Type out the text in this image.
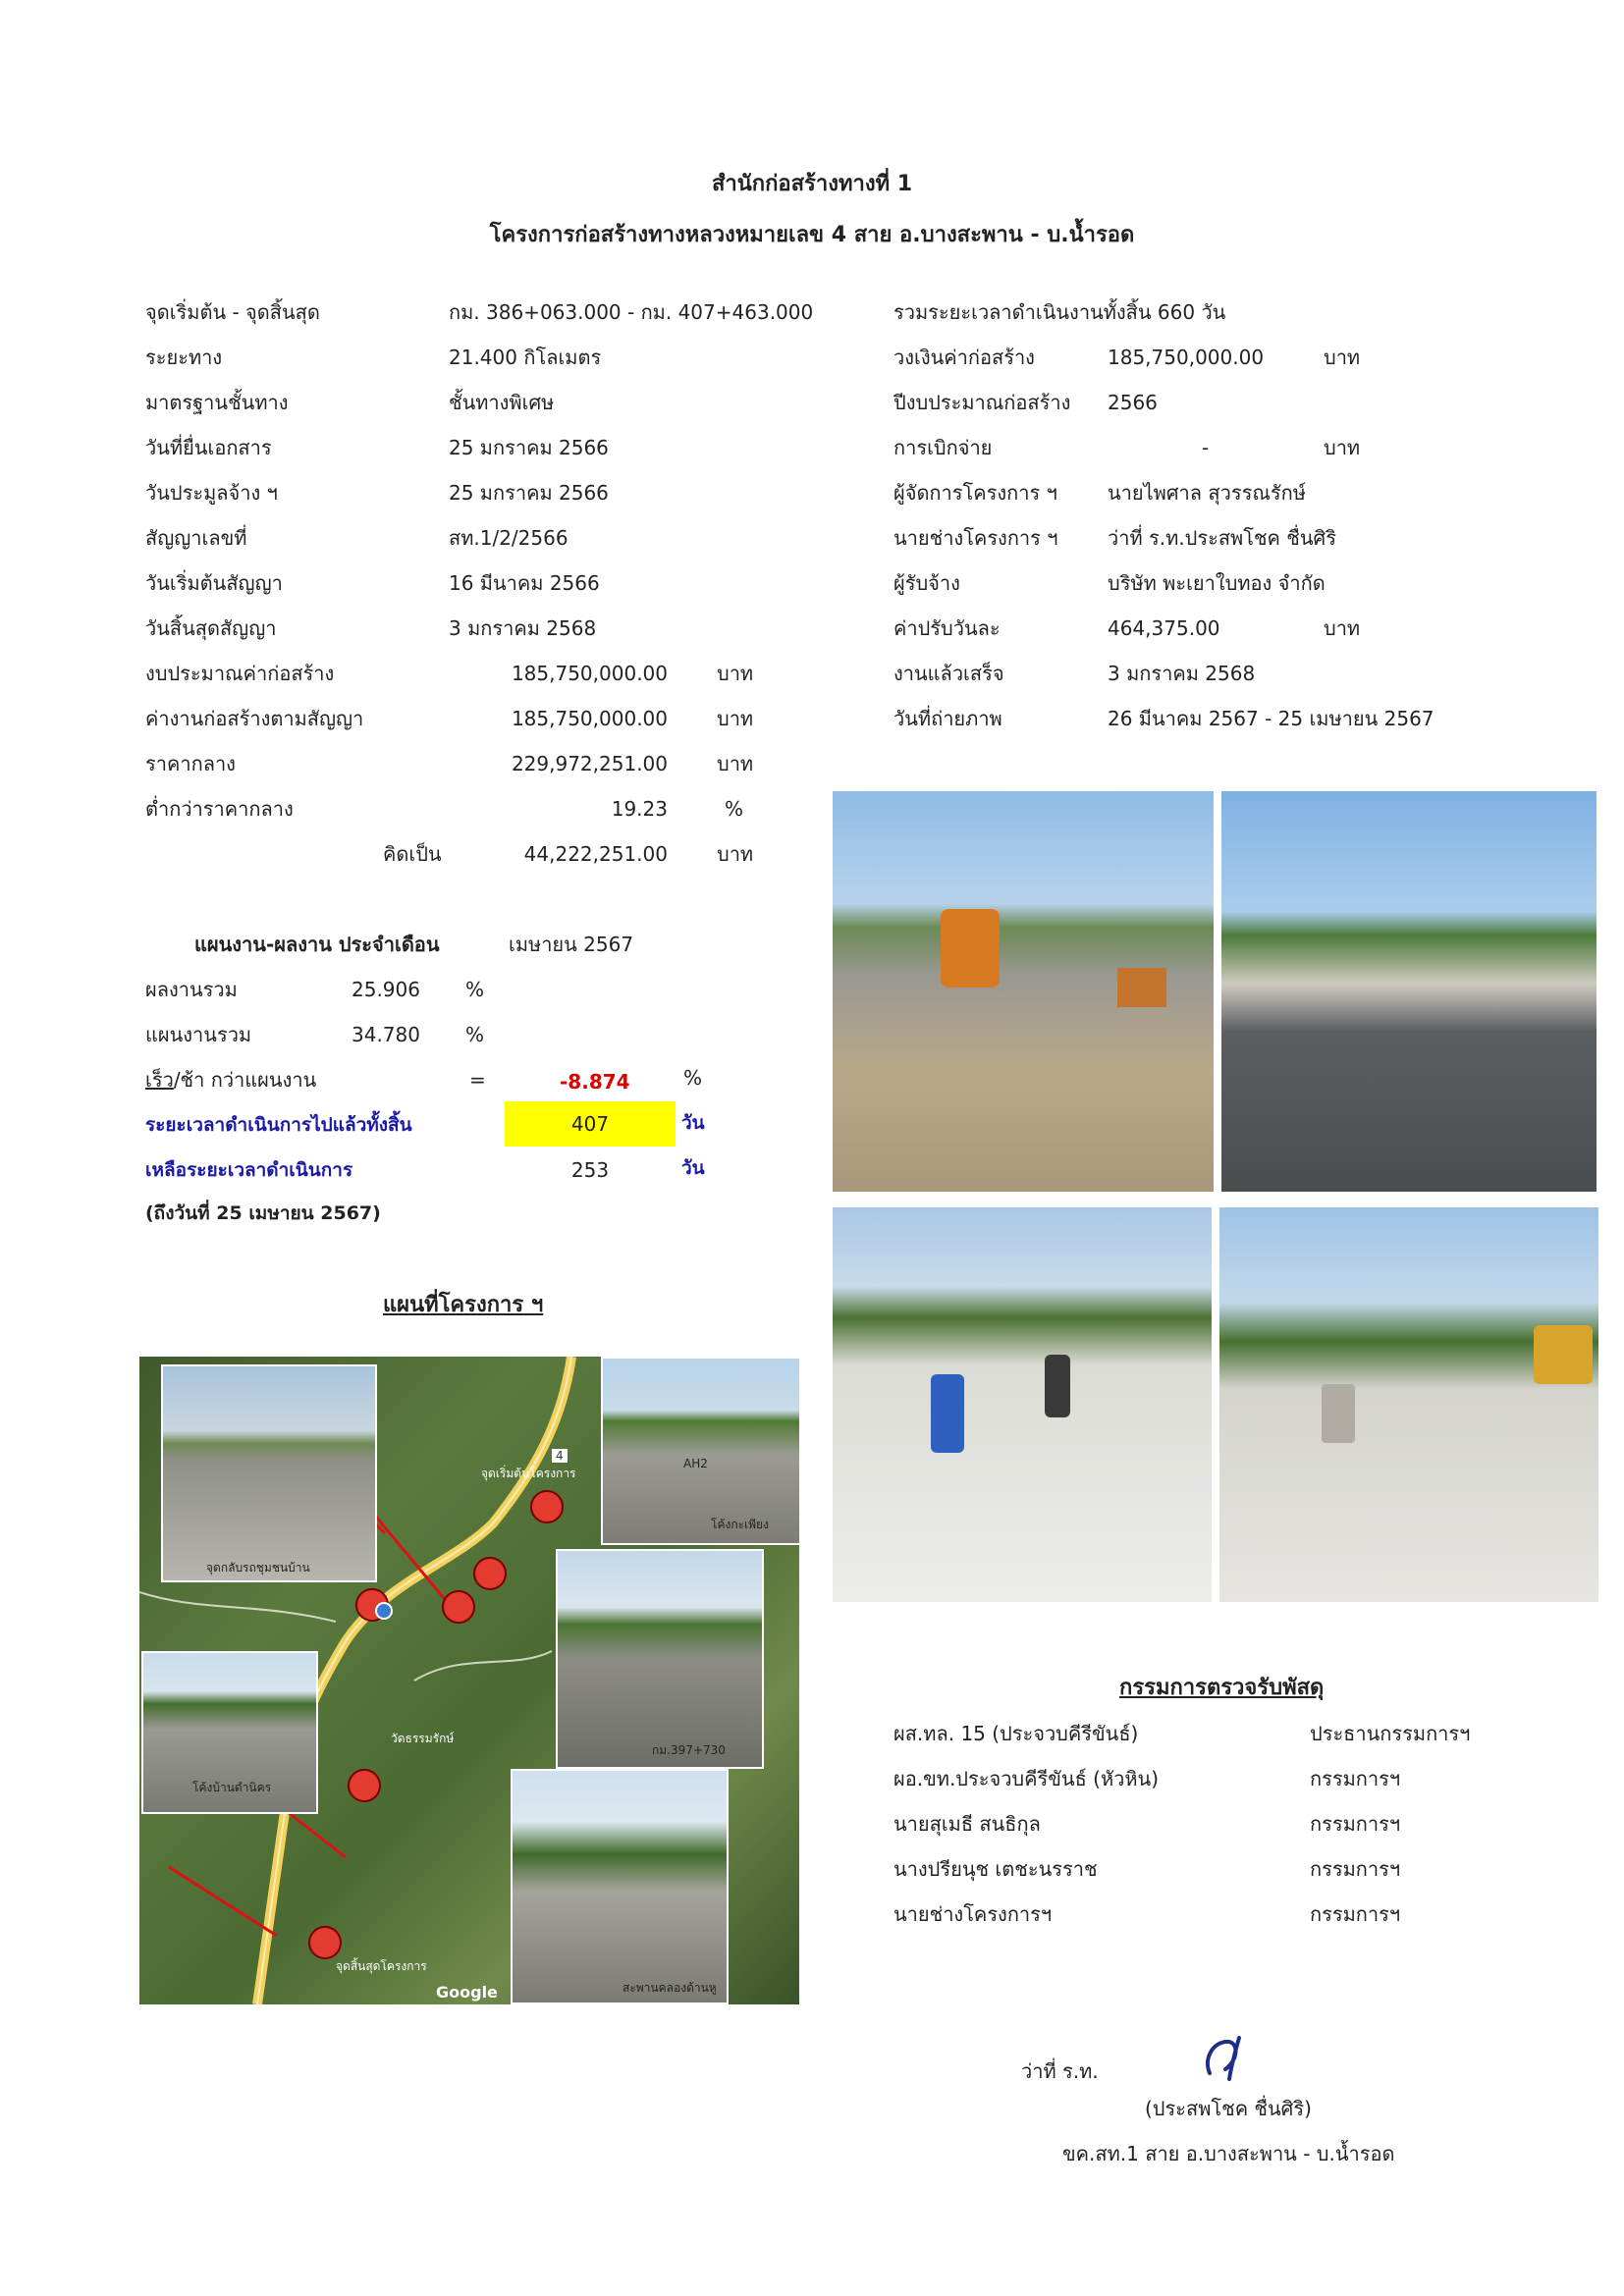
สำนักก่อสร้างทางที่ 1
โครงการก่อสร้างทางหลวงหมายเลข 4 สาย อ.บางสะพาน - บ.น้ำรอด
จุดเริ่มต้น - จุดสิ้นสุด	กม. 386+063.000 - กม. 407+463.000
ระยะทาง	21.400 กิโลเมตร
มาตรฐานชั้นทาง	ชั้นทางพิเศษ
วันที่ยื่นเอกสาร	25 มกราคม 2566
วันประมูลจ้าง ฯ	25 มกราคม 2566
สัญญาเลขที่	สท.1/2/2566
วันเริ่มต้นสัญญา	16 มีนาคม 2566
วันสิ้นสุดสัญญา	3 มกราคม 2568
งบประมาณค่าก่อสร้าง	185,750,000.00	บาท
ค่างานก่อสร้างตามสัญญา	185,750,000.00	บาท
ราคากลาง	229,972,251.00	บาท
ต่ำกว่าราคากลาง	19.23	%
คิดเป็น	44,222,251.00	บาท
รวมระยะเวลาดำเนินงานทั้งสิ้น 660 วัน
วงเงินค่าก่อสร้าง	185,750,000.00	บาท
ปีงบประมาณก่อสร้าง 2566
การเบิกจ่าย	-	บาท
ผู้จัดการโครงการ ฯ	นายไพศาล สุวรรณรักษ์
นายช่างโครงการ ฯ	ว่าที่ ร.ท.ประสพโชค ชื่นศิริ
ผู้รับจ้าง	บริษัท พะเยาใบทอง จำกัด
ค่าปรับวันละ	464,375.00	บาท
งานแล้วเสร็จ	3 มกราคม 2568
วันที่ถ่ายภาพ	26 มีนาคม 2567 - 25 เมษายน 2567
แผนงาน-ผลงาน ประจำเดือน	เมษายน 2567
ผลงานรวม	25.906 %
แผนงานรวม	34.780 %
เร็ว/ช้า กว่าแผนงาน	=	-8.874	%
ระยะเวลาดำเนินการไปแล้วทั้งสิ้น	407	วัน
เหลือระยะเวลาดำเนินการ	253	วัน
(ถึงวันที่ 25 เมษายน 2567)
แผนที่โครงการ ฯ
จุดเริ่มต้นโครงการ
จุดสิ้นสุดโครงการ
วัดธรรมรักษ์
4
Google
จุดกลับรถชุมชนบ้าน
โค้งกะเพียง
AH2
กม.397+730
โค้งบ้านดำนิคร
สะพานคลองด้านหู
กรรมการตรวจรับพัสดุ
ผส.ทล. 15 (ประจวบคีรีขันธ์)	ประธานกรรมการฯ
ผอ.ขท.ประจวบคีรีขันธ์ (หัวหิน)	กรรมการฯ
นายสุเมธี สนธิกุล	กรรมการฯ
นางปรียนุช เตชะนรราช	กรรมการฯ
นายช่างโครงการฯ	กรรมการฯ
ว่าที่ ร.ท.
(ประสพโชค ชื่นศิริ)
ขค.สท.1 สาย อ.บางสะพาน - บ.น้ำรอด
